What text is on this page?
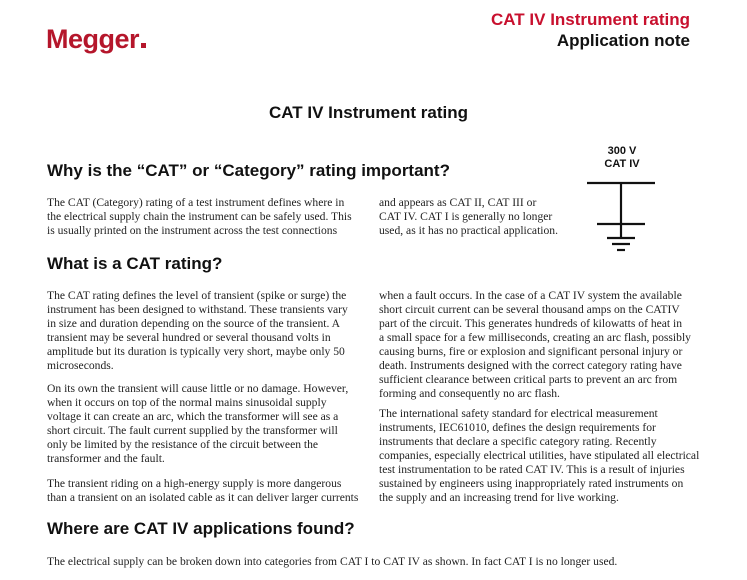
Megger
CAT IV Instrument rating
Application note
CAT IV Instrument rating
300 V
CAT IV
Why is the “CAT” or “Category” rating important?
The CAT (Category) rating of a test instrument defines where in
the electrical supply chain the instrument can be safely used. This
is usually printed on the instrument across the test connections
and appears as CAT II, CAT III or
CAT IV. CAT I is generally no longer
used, as it has no practical application.
What is a CAT rating?
The CAT rating defines the level of transient (spike or surge) the
instrument has been designed to withstand. These transients vary
in size and duration depending on the source of the transient. A
transient may be several hundred or several thousand volts in
amplitude but its duration is typically very short, maybe only 50
microseconds.
On its own the transient will cause little or no damage. However,
when it occurs on top of the normal mains sinusoidal supply
voltage it can create an arc, which the transformer will see as a
short circuit. The fault current supplied by the transformer will
only be limited by the resistance of the circuit between the
transformer and the fault.
The transient riding on a high-energy supply is more dangerous
than a transient on an isolated cable as it can deliver larger currents
when a fault occurs. In the case of a CAT IV system the available
short circuit current can be several thousand amps on the CATIV
part of the circuit. This generates hundreds of kilowatts of heat in
a small space for a few milliseconds, creating an arc flash, possibly
causing burns, fire or explosion and significant personal injury or
death. Instruments designed with the correct category rating have
sufficient clearance between critical parts to prevent an arc from
forming and consequently no arc flash.
The international safety standard for electrical measurement
instruments, IEC61010, defines the design requirements for
instruments that declare a specific category rating. Recently
companies, especially electrical utilities, have stipulated all electrical
test instrumentation to be rated CAT IV. This is a result of injuries
sustained by engineers using inappropriately rated instruments on
the supply and an increasing trend for live working.
Where are CAT IV applications found?
The electrical supply can be broken down into categories from CAT I to CAT IV as shown. In fact CAT I is no longer used.
